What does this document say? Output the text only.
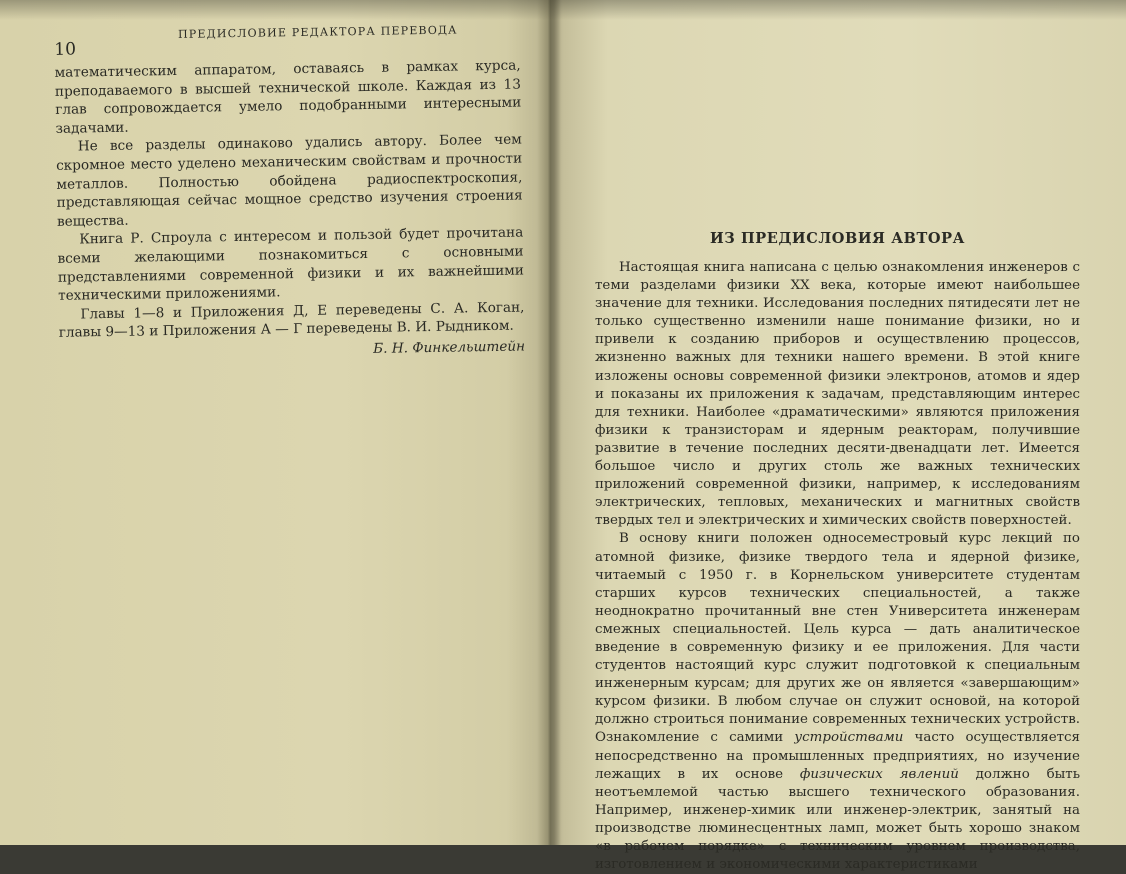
10
ПРЕДИСЛОВИЕ РЕДАКТОРА ПЕРЕВОДА

математическим аппаратом, оставаясь в рамках курса, преподаваемого в высшей технической школе. Каждая из 13 глав сопровождается умело подобранными интересными задачами.

Не все разделы одинаково удались автору. Более чем скромное место уделено механическим свойствам и прочности металлов. Полностью обойдена радиоспектроскопия, представляющая сейчас мощное средство изучения строения вещества.

Книга Р. Спроула с интересом и пользой будет прочитана всеми желающими познакомиться с основными представлениями современной физики и их важнейшими техническими приложениями.

Главы 1—8 и Приложения Д, Е переведены С. А. Коган, главы 9—13 и Приложения А — Г переведены В. И. Рыдником.

Б. Н. Финкельштейн
ИЗ ПРЕДИСЛОВИЯ АВТОРА

Настоящая книга написана с целью ознакомления инженеров с теми разделами физики XX века, которые имеют наибольшее значение для техники. Исследования последних пятидесяти лет не только существенно изменили наше понимание физики, но и привели к созданию приборов и осуществлению процессов, жизненно важных для техники нашего времени. В этой книге изложены основы современной физики электронов, атомов и ядер и показаны их приложения к задачам, представляющим интерес для техники. Наиболее «драматическими» являются приложения физики к транзисторам и ядерным реакторам, получившие развитие в течение последних десяти-двенадцати лет. Имеется большое число и других столь же важных технических приложений современной физики, например, к исследованиям электрических, тепловых, механических и магнитных свойств твердых тел и электрических и химических свойств поверхностей.

В основу книги положен односеместровый курс лекций по атомной физике, физике твердого тела и ядерной физике, читаемый с 1950 г. в Корнельском университете студентам старших курсов технических специальностей, а также неоднократно прочитанный вне стен Университета инженерам смежных специальностей. Цель курса — дать аналитическое введение в современную физику и ее приложения. Для части студентов настоящий курс служит подготовкой к специальным инженерным курсам; для других же он является «завершающим» курсом физики. В любом случае он служит основой, на которой должно строиться понимание современных технических устройств. Ознакомление с самими устройствами часто осуществляется непосредственно на промышленных предприятиях, но изучение лежащих в их основе физических явлений должно быть неотъемлемой частью высшего технического образования. Например, инженер-химик или инженер-электрик, занятый на производстве люминесцентных ламп, может быть хорошо знаком «в рабочем порядке» с техническим уровнем производства, изготовлением и экономическими характеристиками
